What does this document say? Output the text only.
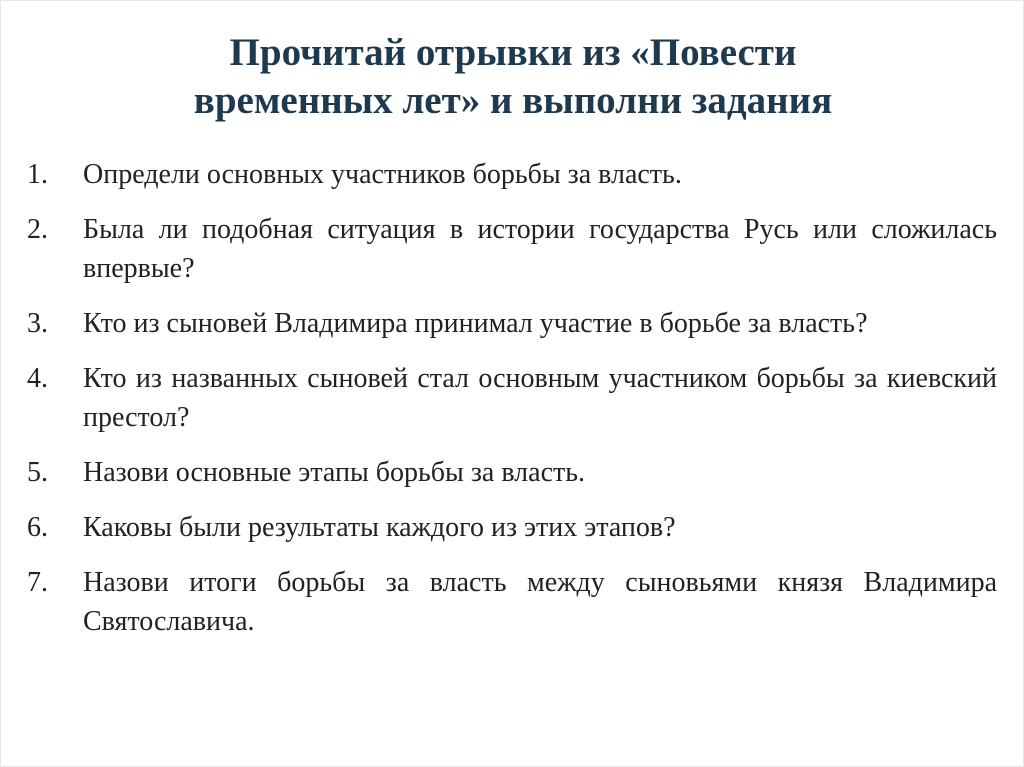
Прочитай отрывки из «Повести
временных лет» и выполни задания
1.	Определи основных участников борьбы за власть.
2.	Была ли подобная ситуация в истории государства Русь или сложилась впервые?
3.	Кто из сыновей Владимира принимал участие в борьбе за власть?
4.	Кто из названных сыновей стал основным участником борьбы за киевский престол?
5.	Назови основные этапы борьбы за власть.
6.	Каковы были результаты каждого из этих этапов?
7.	Назови итоги борьбы за власть между сыновьями князя Владимира Святославича.
